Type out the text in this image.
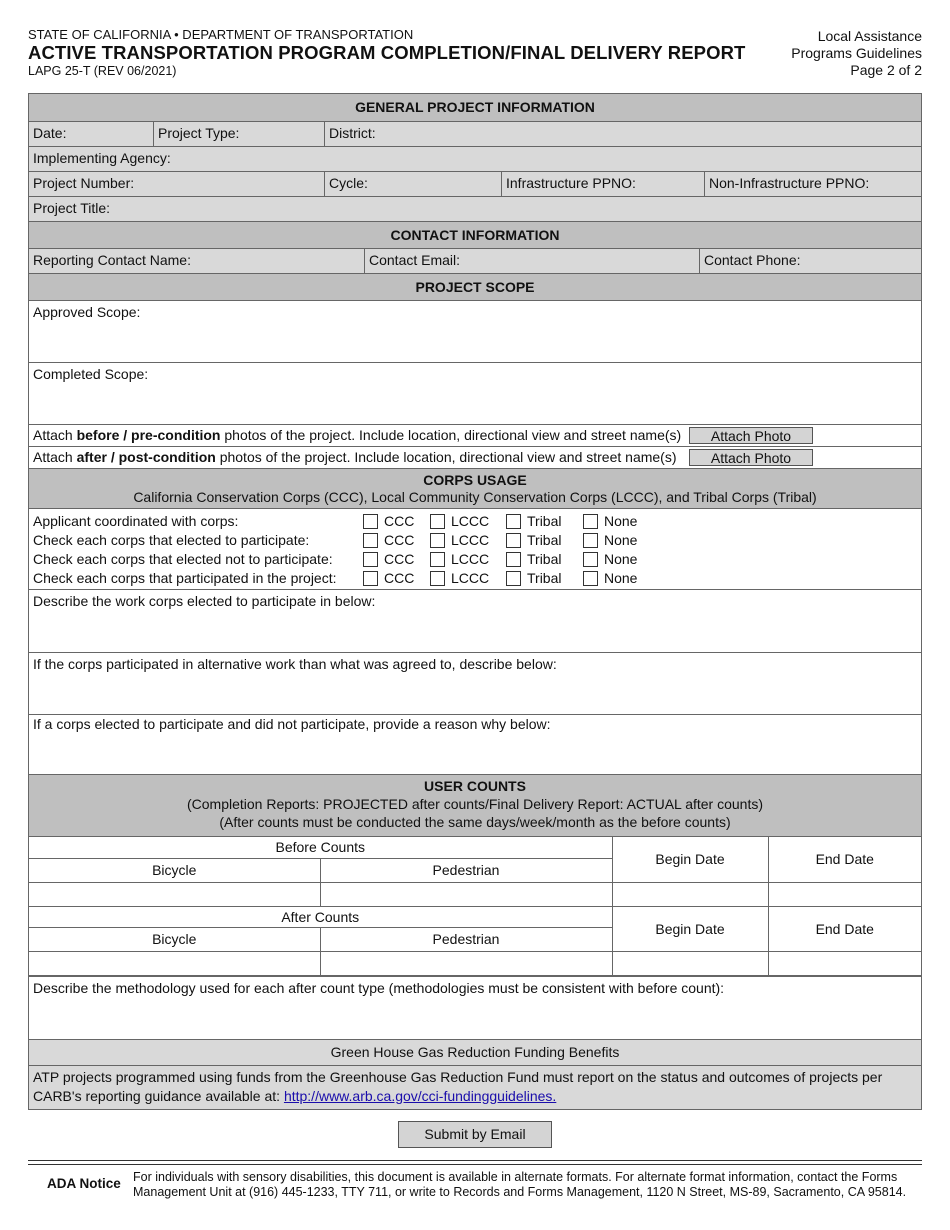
STATE OF CALIFORNIA • DEPARTMENT OF TRANSPORTATION
ACTIVE TRANSPORTATION PROGRAM COMPLETION/FINAL DELIVERY REPORT
LAPG 25-T (REV 06/2021)
Local Assistance
Programs Guidelines
Page 2 of 2
GENERAL PROJECT INFORMATION
Date:	Project Type:	District:
Implementing Agency:
Project Number:	Cycle:	Infrastructure PPNO:	Non-Infrastructure PPNO:
Project Title:
CONTACT INFORMATION
Reporting Contact Name:	Contact Email:	Contact Phone:
PROJECT SCOPE
Approved Scope:
Completed Scope:
Attach before / pre-condition photos of the project. Include location, directional view and street name(s)	Attach Photo
Attach after / post-condition photos of the project. Include location, directional view and street name(s)	Attach Photo
CORPS USAGE
California Conservation Corps (CCC), Local Community Conservation Corps (LCCC), and Tribal Corps (Tribal)
Applicant coordinated with corps:	CCC	LCCC	Tribal	None
Check each corps that elected to participate:	CCC	LCCC	Tribal	None
Check each corps that elected not to participate:	CCC	LCCC	Tribal	None
Check each corps that participated in the project:	CCC	LCCC	Tribal	None
Describe the work corps elected to participate in below:
If the corps participated in alternative work than what was agreed to, describe below:
If a corps elected to participate and did not participate, provide a reason why below:
USER COUNTS
(Completion Reports: PROJECTED after counts/Final Delivery Report: ACTUAL after counts)
(After counts must be conducted the same days/week/month as the before counts)
Before Counts		Begin Date	End Date
Bicycle	Pedestrian		

After Counts		Begin Date	End Date
Bicycle	Pedestrian		

Describe the methodology used for each after count type (methodologies must be consistent with before count):
Green House Gas Reduction Funding Benefits
ATP projects programmed using funds from the Greenhouse Gas Reduction Fund must report on the status and outcomes of projects per CARB's reporting guidance available at: http://www.arb.ca.gov/cci-fundingguidelines.
Submit by Email
ADA Notice For individuals with sensory disabilities, this document is available in alternate formats. For alternate format information, contact the Forms Management Unit at (916) 445-1233, TTY 711, or write to Records and Forms Management, 1120 N Street, MS-89, Sacramento, CA 95814.
